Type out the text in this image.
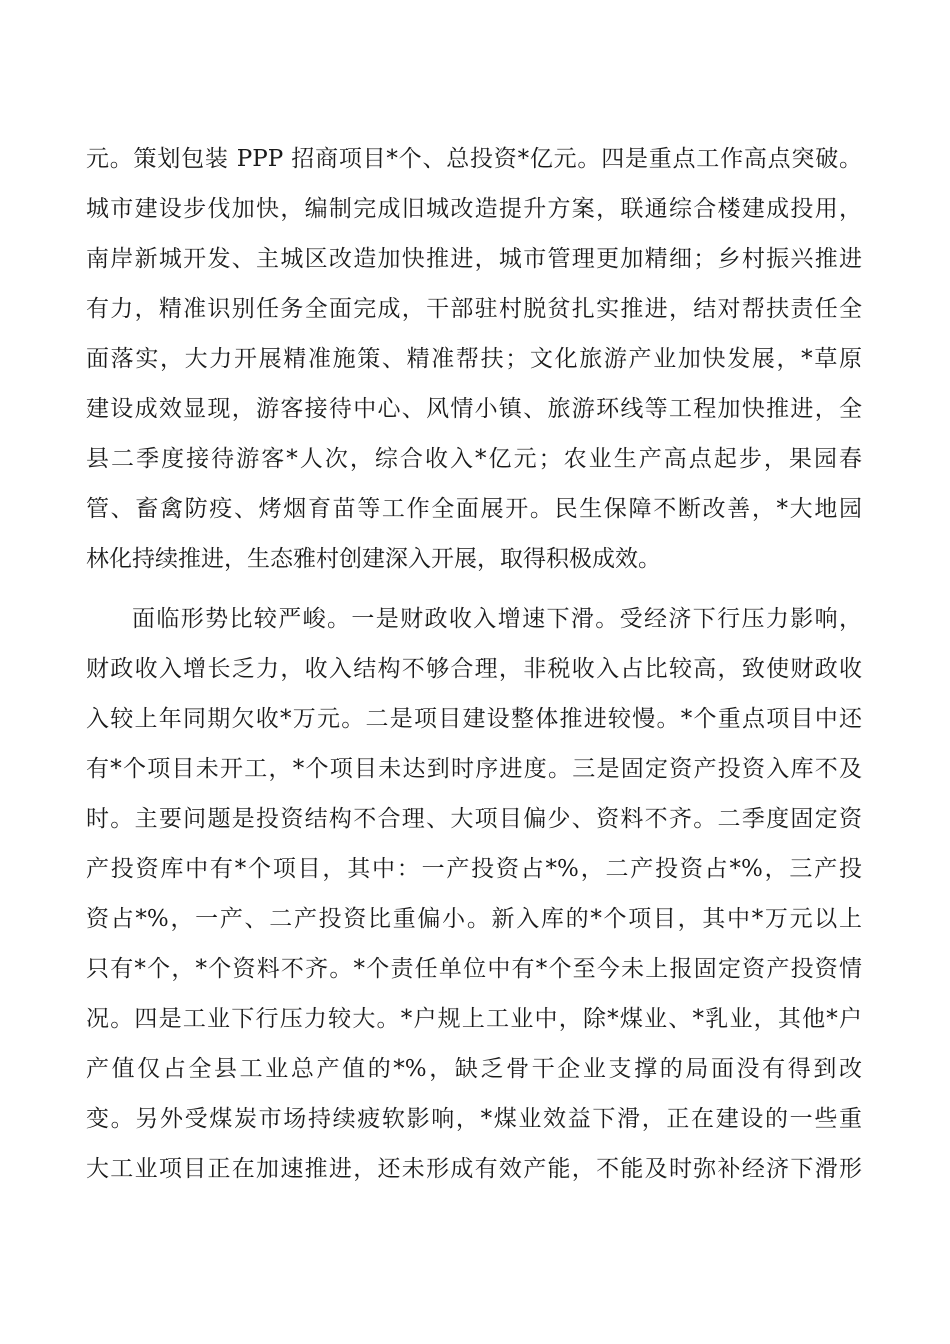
元。策划包装 PPP 招商项目*个、总投资*亿元。四是重点工作高点突破。
城市建设步伐加快，编制完成旧城改造提升方案，联通综合楼建成投用，
南岸新城开发、主城区改造加快推进，城市管理更加精细；乡村振兴推进
有力，精准识别任务全面完成，干部驻村脱贫扎实推进，结对帮扶责任全
面落实，大力开展精准施策、精准帮扶；文化旅游产业加快发展，*草原
建设成效显现，游客接待中心、风情小镇、旅游环线等工程加快推进，全
县二季度接待游客*人次，综合收入*亿元；农业生产高点起步，果园春
管、畜禽防疫、烤烟育苗等工作全面展开。民生保障不断改善，*大地园
林化持续推进，生态雅村创建深入开展，取得积极成效。
面临形势比较严峻。一是财政收入增速下滑。受经济下行压力影响，
财政收入增长乏力，收入结构不够合理，非税收入占比较高，致使财政收
入较上年同期欠收*万元。二是项目建设整体推进较慢。*个重点项目中还
有*个项目未开工，*个项目未达到时序进度。三是固定资产投资入库不及
时。主要问题是投资结构不合理、大项目偏少、资料不齐。二季度固定资
产投资库中有*个项目，其中：一产投资占*%，二产投资占*%，三产投
资占*%，一产、二产投资比重偏小。新入库的*个项目，其中*万元以上
只有*个，*个资料不齐。*个责任单位中有*个至今未上报固定资产投资情
况。四是工业下行压力较大。*户规上工业中，除*煤业、*乳业，其他*户
产值仅占全县工业总产值的*%，缺乏骨干企业支撑的局面没有得到改
变。另外受煤炭市场持续疲软影响，*煤业效益下滑，正在建设的一些重
大工业项目正在加速推进，还未形成有效产能，不能及时弥补经济下滑形
